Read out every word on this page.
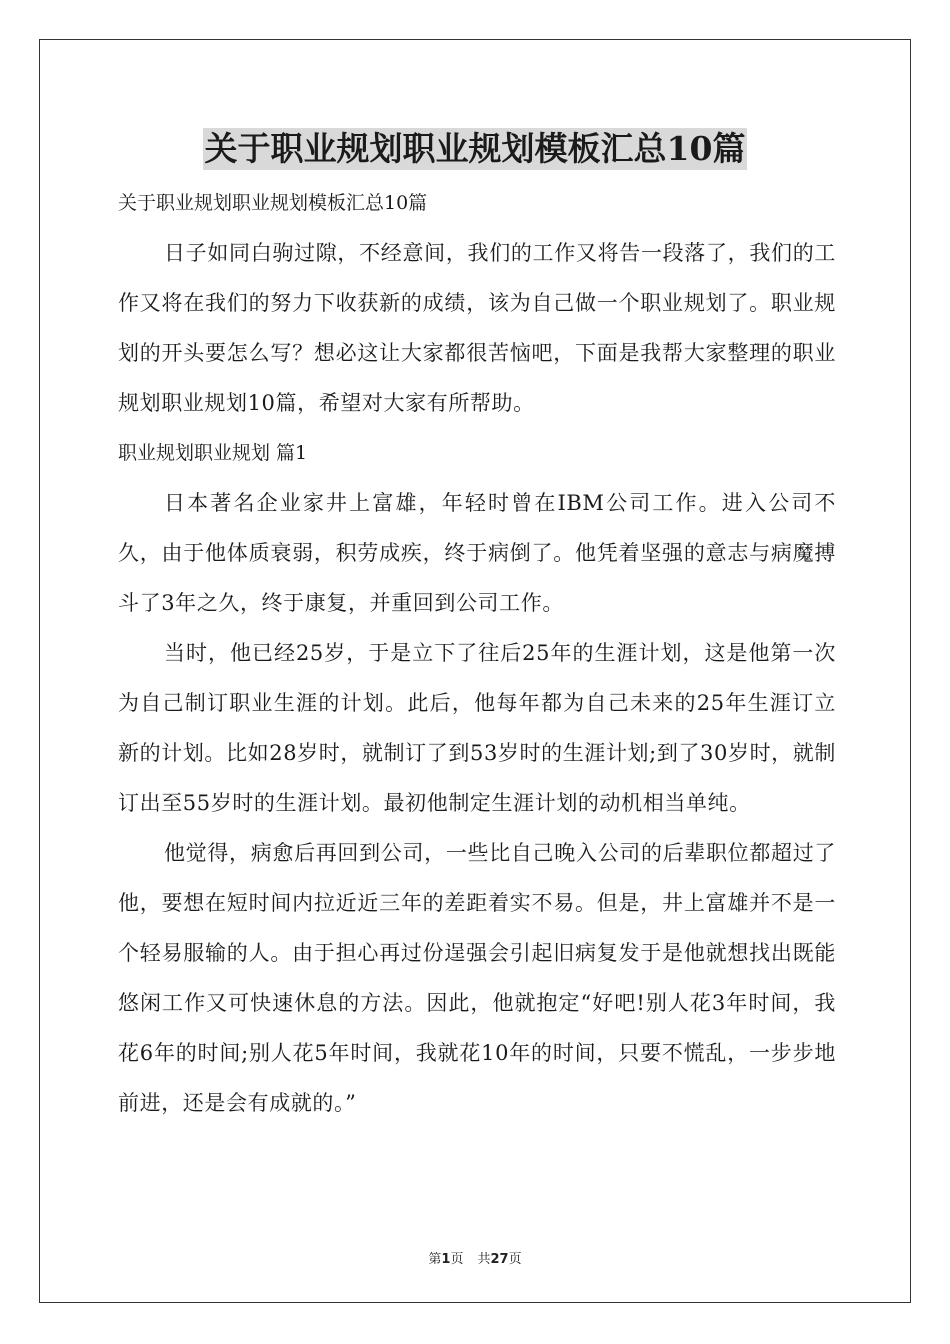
关于职业规划职业规划模板汇总10篇
关于职业规划职业规划模板汇总10篇
日子如同白驹过隙，不经意间，我们的工作又将告一段落了，我们的工作又将在我们的努力下收获新的成绩，该为自己做一个职业规划了。职业规划的开头要怎么写？想必这让大家都很苦恼吧，下面是我帮大家整理的职业规划职业规划10篇，希望对大家有所帮助。
职业规划职业规划 篇1
日本著名企业家井上富雄，年轻时曾在IBM公司工作。进入公司不久，由于他体质衰弱，积劳成疾，终于病倒了。他凭着坚强的意志与病魔搏斗了3年之久，终于康复，并重回到公司工作。
当时，他已经25岁，于是立下了往后25年的生涯计划，这是他第一次为自己制订职业生涯的计划。此后，他每年都为自己未来的25年生涯订立新的计划。比如28岁时，就制订了到53岁时的生涯计划;到了30岁时，就制订出至55岁时的生涯计划。最初他制定生涯计划的动机相当单纯。
他觉得，病愈后再回到公司，一些比自己晚入公司的后辈职位都超过了他，要想在短时间内拉近近三年的差距着实不易。但是，井上富雄并不是一个轻易服输的人。由于担心再过份逞强会引起旧病复发于是他就想找出既能悠闲工作又可快速休息的方法。因此，他就抱定“好吧!别人花3年时间，我花6年的时间;别人花5年时间，我就花10年的时间，只要不慌乱，一步步地前进，还是会有成就的。”
第1页 共27页
